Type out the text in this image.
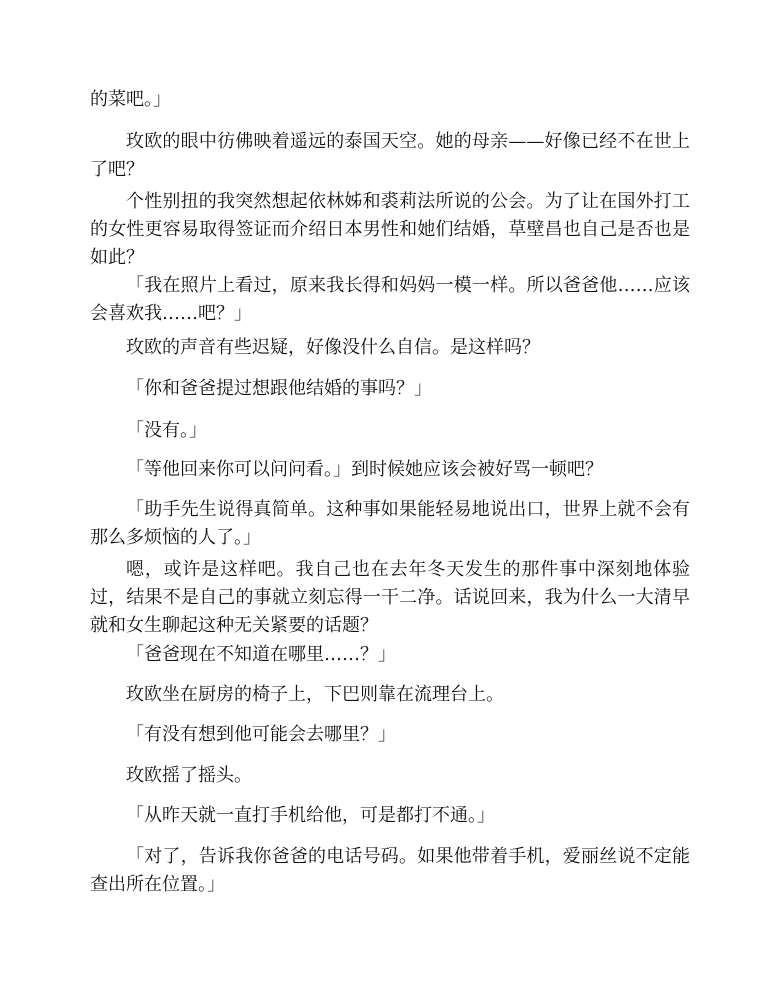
的菜吧。」

玫欧的眼中彷佛映着遥远的泰国天空。她的母亲——好像已经不在世上了吧？

个性别扭的我突然想起依林姊和裘莉法所说的公会。为了让在国外打工的女性更容易取得签证而介绍日本男性和她们结婚，草壁昌也自己是否也是如此？

「我在照片上看过，原来我长得和妈妈一模一样。所以爸爸他……应该会喜欢我……吧？」

玫欧的声音有些迟疑，好像没什么自信。是这样吗？

「你和爸爸提过想跟他结婚的事吗？」

「没有。」

「等他回来你可以问问看。」到时候她应该会被好骂一顿吧？

「助手先生说得真简单。这种事如果能轻易地说出口，世界上就不会有那么多烦恼的人了。」

嗯，或许是这样吧。我自己也在去年冬天发生的那件事中深刻地体验过，结果不是自己的事就立刻忘得一干二净。话说回来，我为什么一大清早就和女生聊起这种无关紧要的话题？

「爸爸现在不知道在哪里……？」

玫欧坐在厨房的椅子上，下巴则靠在流理台上。

「有没有想到他可能会去哪里？」

玫欧摇了摇头。

「从昨天就一直打手机给他，可是都打不通。」

「对了，告诉我你爸爸的电话号码。如果他带着手机，爱丽丝说不定能查出所在位置。」
